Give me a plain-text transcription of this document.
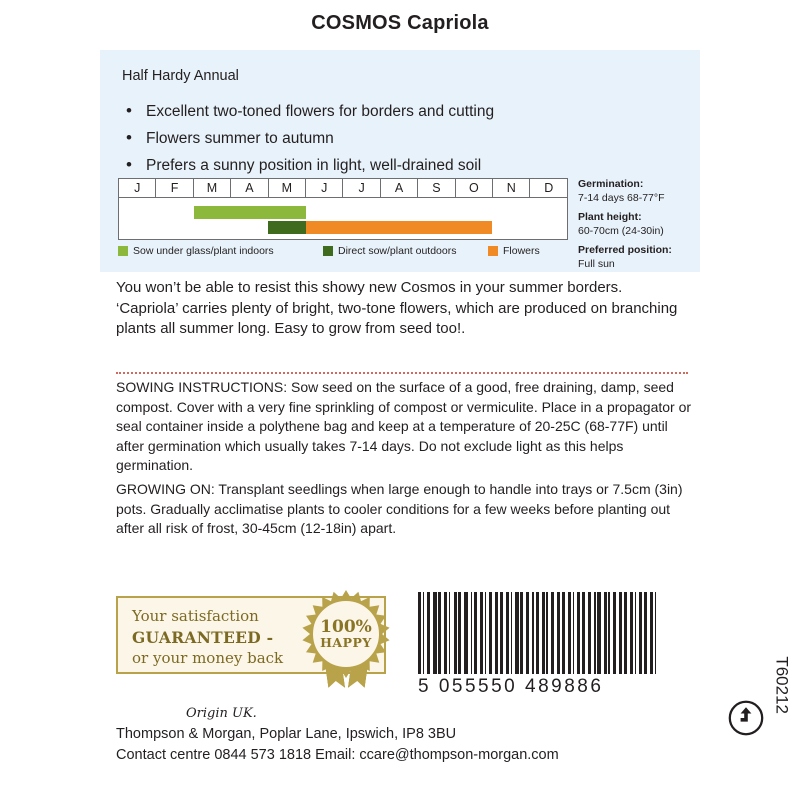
COSMOS Capriola
Half Hardy Annual
• Excellent two-toned flowers for borders and cutting
• Flowers summer to autumn
• Prefers a sunny position in light, well-drained soil
J	F	M	A	M	J	J	A	S	O	N	D
Sow under glass/plant indoors	Direct sow/plant outdoors	Flowers
Germination:
7-14 days 68-77°F
Plant height:
60-70cm (24-30in)
Preferred position:
Full sun
You won’t be able to resist this showy new Cosmos in your summer borders. ‘Capriola’ carries plenty of bright, two-tone flowers, which are produced on branching plants all summer long. Easy to grow from seed too!.
SOWING INSTRUCTIONS: Sow seed on the surface of a good, free draining, damp, seed compost. Cover with a very fine sprinkling of compost or vermiculite. Place in a propagator or seal container inside a polythene bag and keep at a temperature of 20-25C (68-77F) until after germination which usually takes 7-14 days. Do not exclude light as this helps germination.
GROWING ON: Transplant seedlings when large enough to handle into trays or 7.5cm (3in) pots. Gradually acclimatise plants to cooler conditions for a few weeks before planting out after all risk of frost, 30-45cm (12-18in) apart.
Your satisfaction
GUARANTEED -
or your money back
100%
HAPPY
5 055550 489886
Origin UK.
Thompson & Morgan, Poplar Lane, Ipswich, IP8 3BU
Contact centre 0844 573 1818 Email: ccare@thompson-morgan.com
T60212
